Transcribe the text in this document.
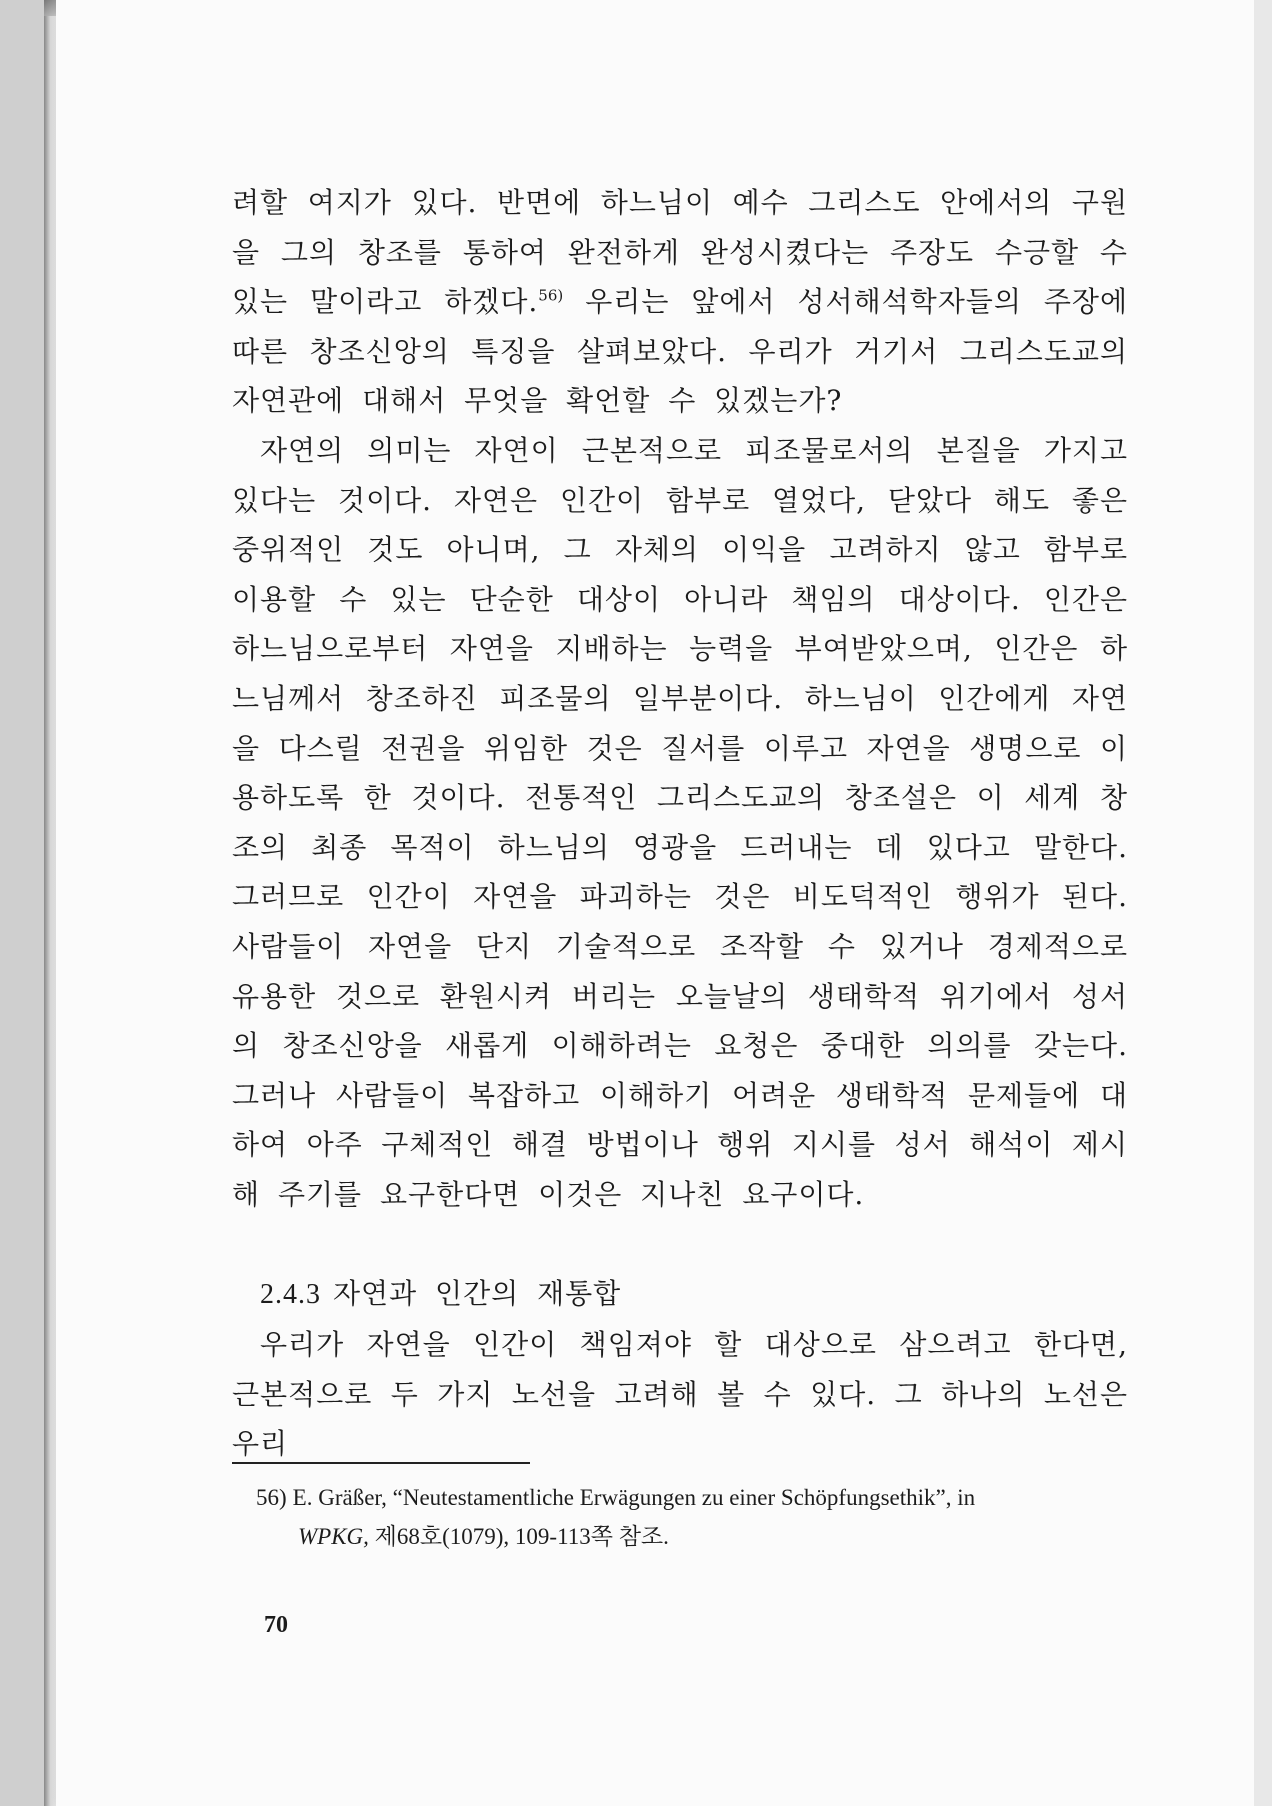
려할 여지가 있다. 반면에 하느님이 예수 그리스도 안에서의 구원을 그의 창조를 통하여 완전하게 완성시켰다는 주장도 수긍할 수 있는 말이라고 하겠다.$^{56)}$ 우리는 앞에서 성서해석학자들의 주장에 따른 창조신앙의 특징을 살펴보았다. 우리가 거기서 그리스도교의 자연관에 대해서 무엇을 확언할 수 있겠는가?

자연의 의미는 자연이 근본적으로 피조물로서의 본질을 가지고 있다는 것이다. 자연은 인간이 함부로 열었다, 닫았다 해도 좋은 중위적인 것도 아니며, 그 자체의 이익을 고려하지 않고 함부로 이용할 수 있는 단순한 대상이 아니라 책임의 대상이다. 인간은 하느님으로부터 자연을 지배하는 능력을 부여받았으며, 인간은 하느님께서 창조하진 피조물의 일부분이다. 하느님이 인간에게 자연을 다스릴 전권을 위임한 것은 질서를 이루고 자연을 생명으로 이용하도록 한 것이다. 전통적인 그리스도교의 창조설은 이 세계 창조의 최종 목적이 하느님의 영광을 드러내는 데 있다고 말한다. 그러므로 인간이 자연을 파괴하는 것은 비도덕적인 행위가 된다. 사람들이 자연을 단지 기술적으로 조작할 수 있거나 경제적으로 유용한 것으로 환원시켜 버리는 오늘날의 생태학적 위기에서 성서의 창조신앙을 새롭게 이해하려는 요청은 중대한 의의를 갖는다. 그러나 사람들이 복잡하고 이해하기 어려운 생태학적 문제들에 대하여 아주 구체적인 해결 방법이나 행위 지시를 성서 해석이 제시해 주기를 요구한다면 이것은 지나친 요구이다.

2.4.3 자연과 인간의 재통합

우리가 자연을 인간이 책임져야 할 대상으로 삼으려고 한다면, 근본적으로 두 가지 노선을 고려해 볼 수 있다. 그 하나의 노선은 우리

56) E. Gräßer, “Neutestamentliche Erwägungen zu einer Schöpfungsethik”, in
WPKG, 제68호(1079), 109-113쪽 참조.
70
